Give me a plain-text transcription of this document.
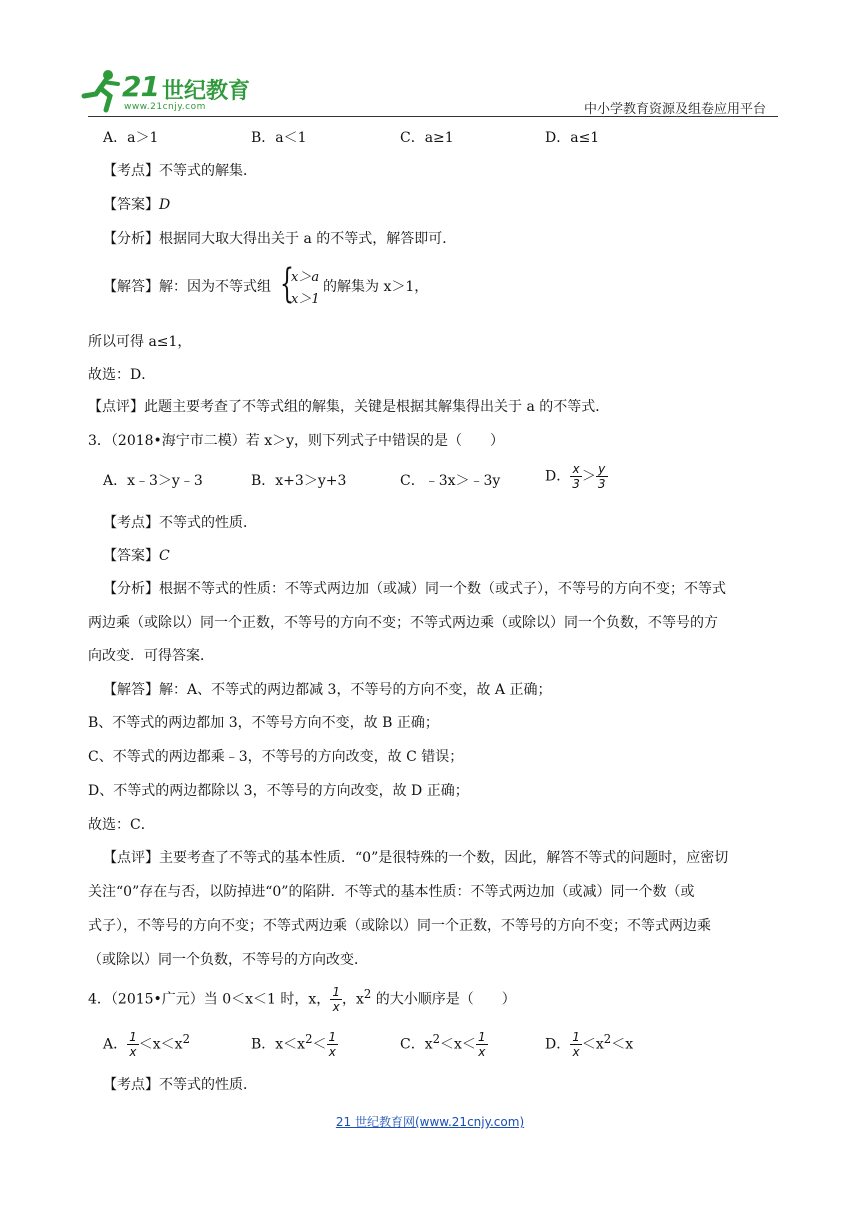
21 世纪教育
www.21cnjy.com	中小学教育资源及组卷应用平台
A．a＞1	B．a＜1	C．a≥1	D．a≤1
【考点】不等式的解集．
【答案】D
【分析】根据同大取大得出关于 a 的不等式，解答即可．
【解答】解：因为不等式组 {
x＞a
x＞1
的解集为 x＞1，
所以可得 a≤1，
故选：D．
【点评】此题主要考查了不等式组的解集，关键是根据其解集得出关于 a 的不等式．
3．（2018•海宁市二模）若 x＞y，则下列式子中错误的是（　　）
A．x﹣3＞y﹣3	B．x+3＞y+3	C．﹣3x＞﹣3y	D． $\frac{x}{3} > \frac{y}{3}$
【考点】不等式的性质．
【答案】C
【分析】根据不等式的性质：不等式两边加（或减）同一个数（或式子），不等号的方向不变；不等式
两边乘（或除以）同一个正数，不等号的方向不变；不等式两边乘（或除以）同一个负数，不等号的方
向改变．可得答案．
【解答】解：A、不等式的两边都减 3，不等号的方向不变，故 A 正确；
B、不等式的两边都加 3，不等号方向不变，故 B 正确；
C、不等式的两边都乘﹣3，不等号的方向改变，故 C 错误；
D、不等式的两边都除以 3，不等号的方向改变，故 D 正确；
故选：C．
【点评】主要考查了不等式的基本性质．“0”是很特殊的一个数，因此，解答不等式的问题时，应密切
关注“0”存在与否，以防掉进“0”的陷阱．不等式的基本性质：不等式两边加（或减）同一个数（或
式子），不等号的方向不变；不等式两边乘（或除以）同一个正数，不等号的方向不变；不等式两边乘
（或除以）同一个负数，不等号的方向改变．
4．（2015•广元）当 0＜x＜1 时，x， $\frac{1}{x}$ ，$x^2$ 的大小顺序是（　　）
A． $\frac{1}{x} <x<x^2$	B．$x<x^2< \frac{1}{x}$	C．$x^2<x< \frac{1}{x}$	D． $\frac{1}{x} <x^2<x$
【考点】不等式的性质．
21 世纪教育网(www.21cnjy.com)
